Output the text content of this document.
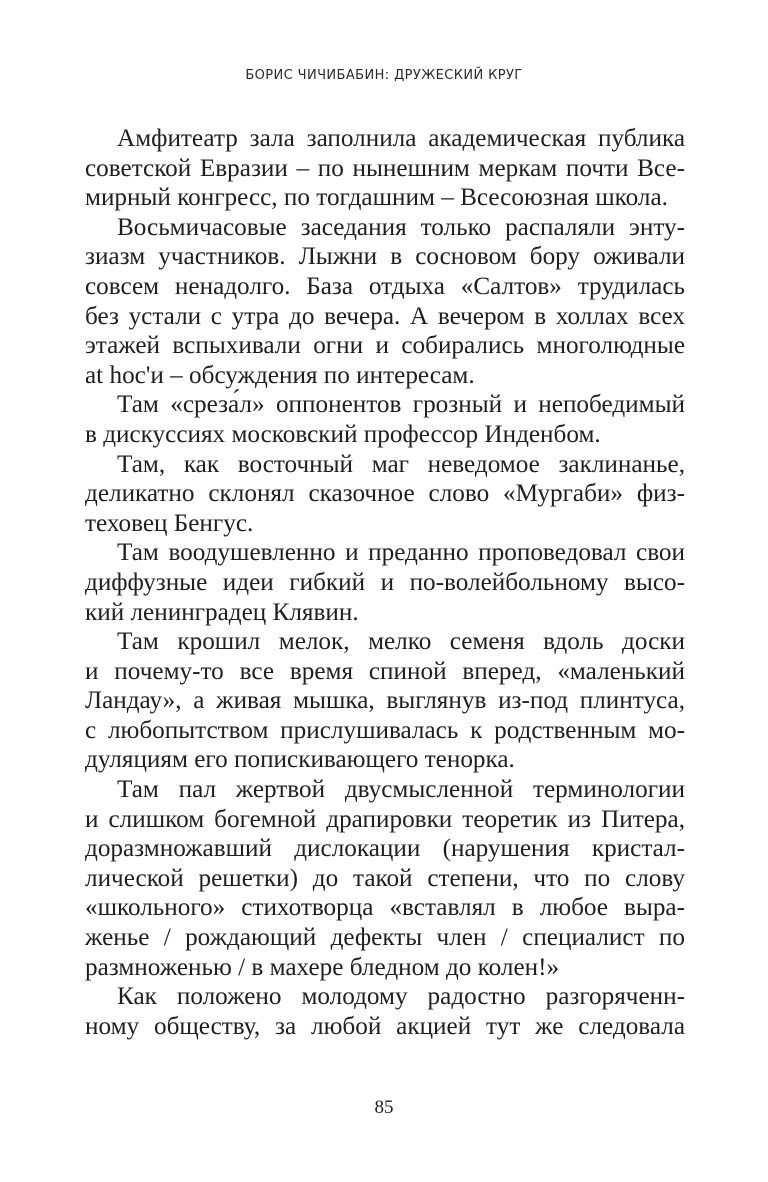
БОРИС ЧИЧИБАБИН: ДРУЖЕСКИЙ КРУГ

Амфитеатр зала заполнила академическая публика
советской Евразии – по нынешним меркам почти Все-
мирный конгресс, по тогдашним – Всесоюзная школа.

Восьмичасовые заседания только распаляли энту-
зиазм участников. Лыжни в сосновом бору оживали
совсем ненадолго. База отдыха «Салтов» трудилась
без устали с утра до вечера. А вечером в холлах всех
этажей вспыхивали огни и собирались многолюдные
at hoc'и – обсуждения по интересам.

Там «среза́л» оппонентов грозный и непобедимый
в дискуссиях московский профессор Инденбом.

Там, как восточный маг неведомое заклинанье,
деликатно склонял сказочное слово «Мургаби» физ-
теховец Бенгус.

Там воодушевленно и преданно проповедовал свои
диффузные идеи гибкий и по-волейбольному высо-
кий ленинградец Клявин.

Там крошил мелок, мелко семеня вдоль доски
и почему-то все время спиной вперед, «маленький
Ландау», а живая мышка, выглянув из-под плинтуса,
с любопытством прислушивалась к родственным мо-
дуляциям его попискивающего тенорка.

Там пал жертвой двусмысленной терминологии
и слишком богемной драпировки теоретик из Питера,
доразмножавший дислокации (нарушения кристал-
лической решетки) до такой степени, что по слову
«школьного» стихотворца «вставлял в любое выра-
женье / рождающий дефекты член / специалист по
размноженью / в махере бледном до колен!»

Как положено молодому радостно разгоряченн-
ному обществу, за любой акцией тут же следовала

85
